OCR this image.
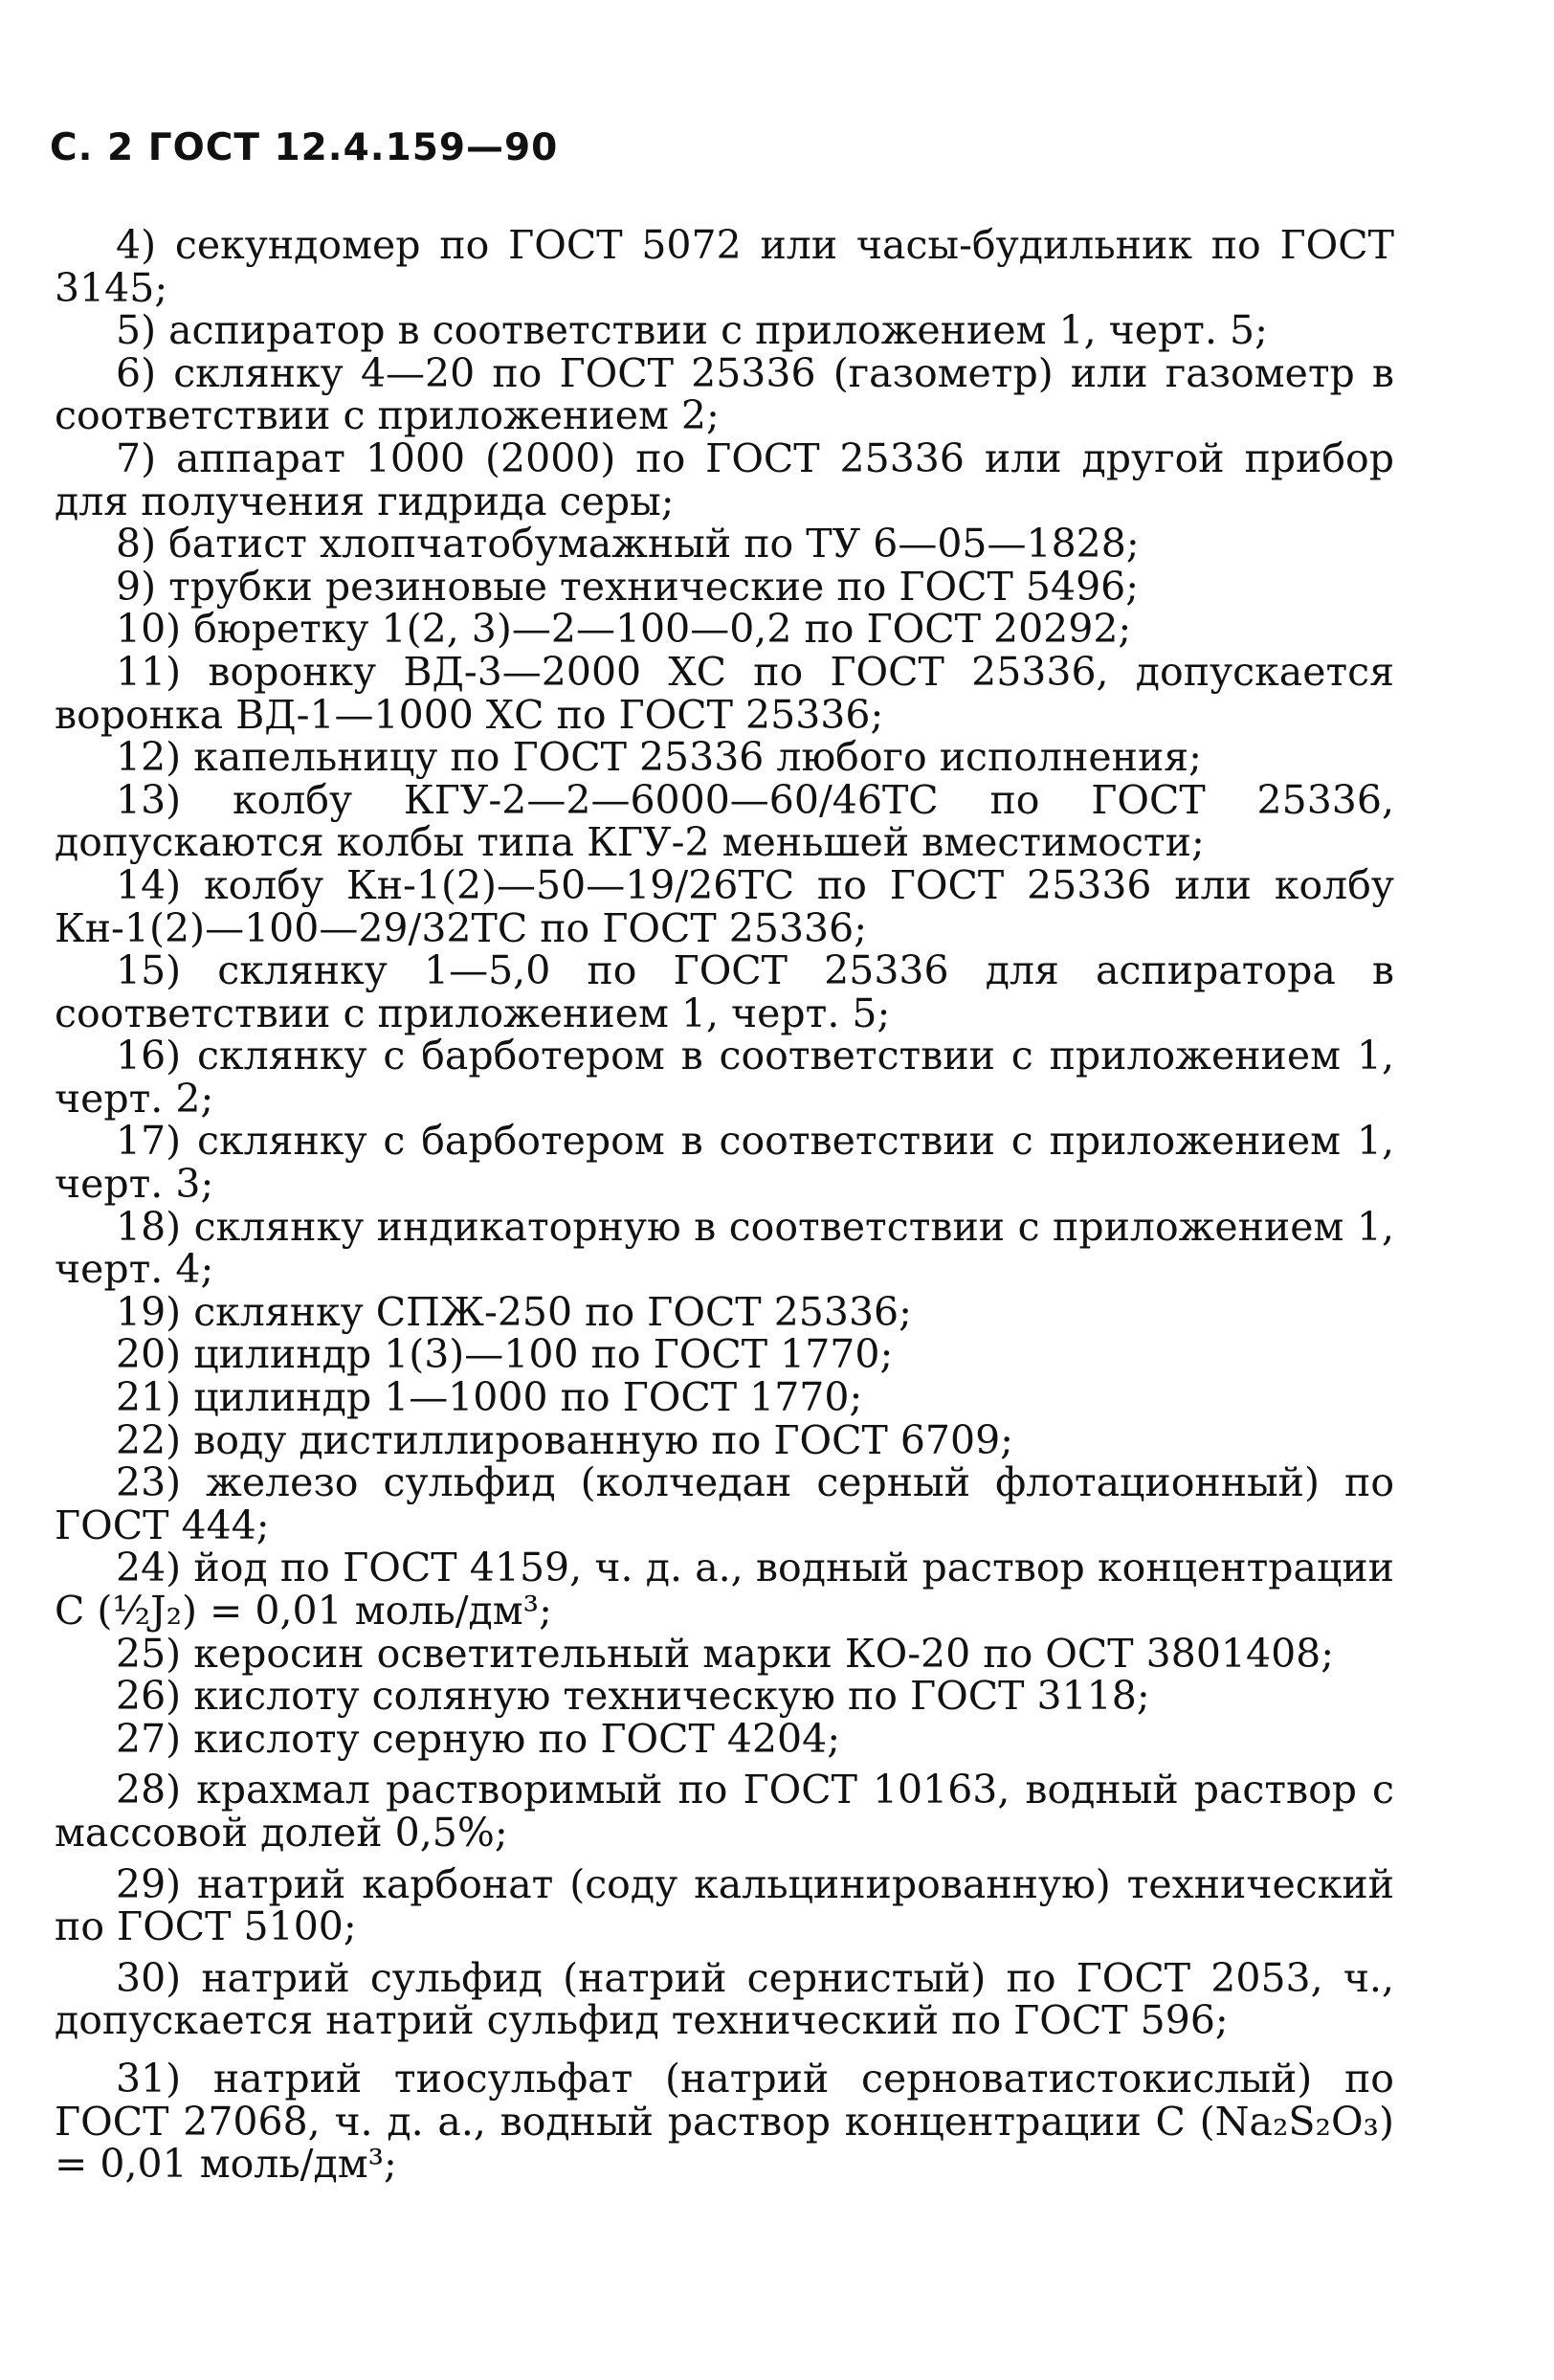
С. 2 ГОСТ 12.4.159—90

4) секундомер по ГОСТ 5072 или часы-будильник по ГОСТ 3145;

5) аспиратор в соответствии с приложением 1, черт. 5;

6) склянку 4—20 по ГОСТ 25336 (газометр) или газометр в соответствии с приложением 2;

7) аппарат 1000 (2000) по ГОСТ 25336 или другой прибор для получения гидрида серы;

8) батист хлопчатобумажный по ТУ 6—05—1828;

9) трубки резиновые технические по ГОСТ 5496;

10) бюретку 1(2, 3)—2—100—0,2 по ГОСТ 20292;

11) воронку ВД-3—2000 ХС по ГОСТ 25336, допускается воронка ВД-1—1000 ХС по ГОСТ 25336;

12) капельницу по ГОСТ 25336 любого исполнения;

13) колбу КГУ-2—2—6000—60/46ТС по ГОСТ 25336, допускаются колбы типа КГУ-2 меньшей вместимости;

14) колбу Кн-1(2)—50—19/26ТС по ГОСТ 25336 или колбу Кн-1(2)—100—29/32ТС по ГОСТ 25336;

15) склянку 1—5,0 по ГОСТ 25336 для аспиратора в соответствии с приложением 1, черт. 5;

16) склянку с барботером в соответствии с приложением 1, черт. 2;

17) склянку с барботером в соответствии с приложением 1, черт. 3;

18) склянку индикаторную в соответствии с приложением 1, черт. 4;

19) склянку СПЖ-250 по ГОСТ 25336;

20) цилиндр 1(3)—100 по ГОСТ 1770;

21) цилиндр 1—1000 по ГОСТ 1770;

22) воду дистиллированную по ГОСТ 6709;

23) железо сульфид (колчедан серный флотационный) по ГОСТ 444;

24) йод по ГОСТ 4159, ч. д. а., водный раствор концентрации С (½J₂) = 0,01 моль/дм³;

25) керосин осветительный марки КО-20 по ОСТ 3801408;

26) кислоту соляную техническую по ГОСТ 3118;

27) кислоту серную по ГОСТ 4204;

28) крахмал растворимый по ГОСТ 10163, водный раствор с массовой долей 0,5%;

29) натрий карбонат (соду кальцинированную) технический по ГОСТ 5100;

30) натрий сульфид (натрий сернистый) по ГОСТ 2053, ч., допускается натрий сульфид технический по ГОСТ 596;

31) натрий тиосульфат (натрий серноватистокислый) по ГОСТ 27068, ч. д. а., водный раствор концентрации С (Na₂S₂O₃) = 0,01 моль/дм³;
